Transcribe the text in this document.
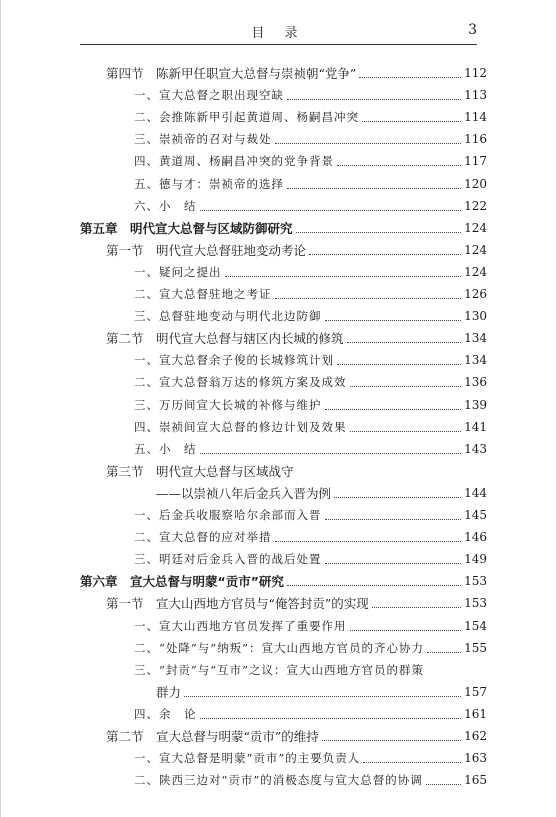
目 录	3
第四节　陈新甲任职宣大总督与崇祯朝“党争”	112
一、宣大总督之职出现空缺	113
二、会推陈新甲引起黄道周、杨嗣昌冲突	114
三、崇祯帝的召对与裁处	116
四、黄道周、杨嗣昌冲突的党争背景	117
五、德与才：崇祯帝的选择	120
六、小　结	122
第五章　明代宣大总督与区域防御研究	124
第一节　明代宣大总督驻地变动考论	124
一、疑问之提出	124
二、宣大总督驻地之考证	126
三、总督驻地变动与明代北边防御	130
第二节　明代宣大总督与辖区内长城的修筑	134
一、宣大总督余子俊的长城修筑计划	134
二、宣大总督翁万达的修筑方案及成效	136
三、万历间宣大长城的补修与维护	139
四、崇祯间宣大总督的修边计划及效果	141
五、小　结	143
第三节　明代宣大总督与区域战守
——以崇祯八年后金兵入晋为例	144
一、后金兵收服察哈尔余部而入晋	145
二、宣大总督的应对举措	146
三、明廷对后金兵入晋的战后处置	149
第六章　宣大总督与明蒙“贡市”研究	153
第一节　宣大山西地方官员与“俺答封贡”的实现	153
一、宣大山西地方官员发挥了重要作用	154
二、“处降”与“纳叛”：宣大山西地方官员的齐心协力	155
三、“封贡”与“互市”之议：宣大山西地方官员的群策
群力	157
四、余　论	161
第二节　宣大总督与明蒙“贡市”的维持	162
一、宣大总督是明蒙“贡市”的主要负责人	163
二、陕西三边对“贡市”的消极态度与宣大总督的协调	165
